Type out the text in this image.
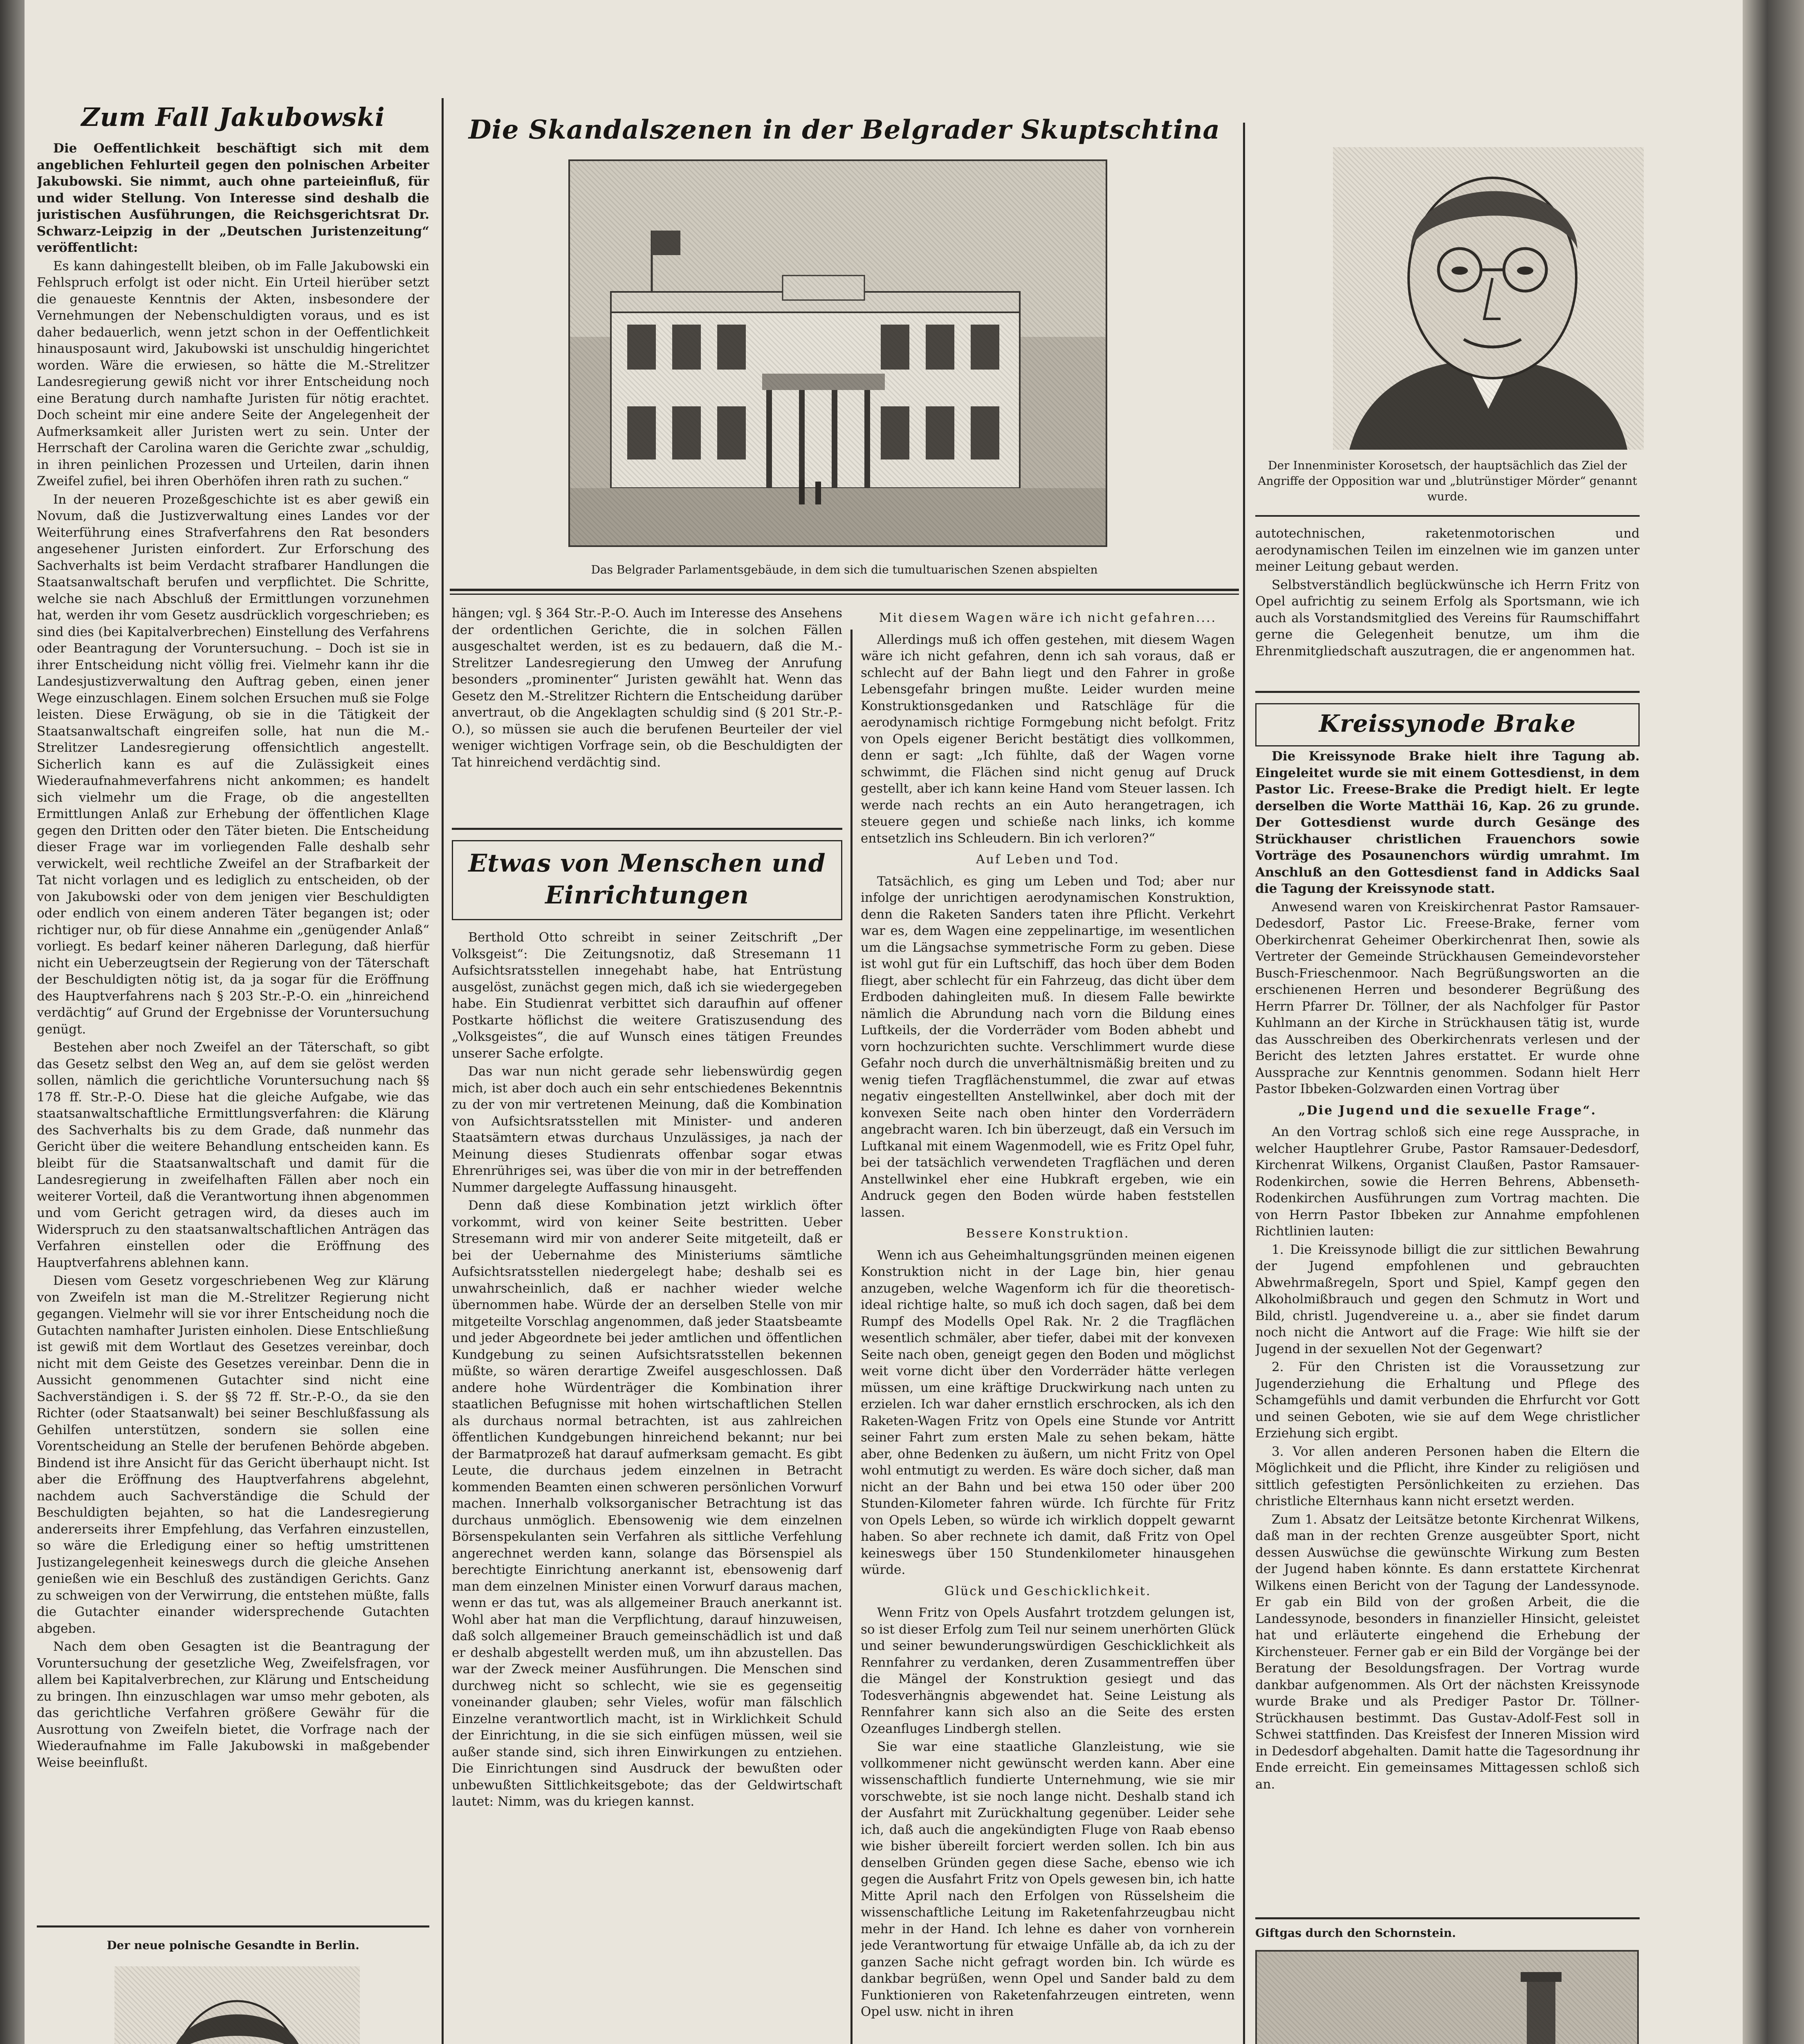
Zum Fall Jakubowski

Die Oeffentlichkeit beschäftigt sich mit dem angeblichen Fehlurteil gegen den polnischen Arbeiter Jakubowski. Sie nimmt, auch ohne parteieinfluß, für und wider Stellung. Von Interesse sind deshalb die juristischen Ausführungen, die Reichsgerichtsrat Dr. Schwarz-Leipzig in der „Deutschen Juristenzeitung“ veröffentlicht:

Es kann dahingestellt bleiben, ob im Falle Jakubowski ein Fehlspruch erfolgt ist oder nicht. Ein Urteil hierüber setzt die genaueste Kenntnis der Akten, insbesondere der Vernehmungen der Nebenschuldigten voraus, und es ist daher bedauerlich, wenn jetzt schon in der Oeffentlichkeit hinausposaunt wird, Jakubowski ist unschuldig hingerichtet worden. Wäre die erwiesen, so hätte die M.-Strelitzer Landesregierung gewiß nicht vor ihrer Entscheidung noch eine Beratung durch namhafte Juristen für nötig erachtet. Doch scheint mir eine andere Seite der Angelegenheit der Aufmerksamkeit aller Juristen wert zu sein. Unter der Herrschaft der Carolina waren die Gerichte zwar „schuldig, in ihren peinlichen Prozessen und Urteilen, darin ihnen Zweifel zufiel, bei ihren Oberhöfen ihren rath zu suchen.“

In der neueren Prozeßgeschichte ist es aber gewiß ein Novum, daß die Justizverwaltung eines Landes vor der Weiterführung eines Strafverfahrens den Rat besonders angesehener Juristen einfordert. Zur Erforschung des Sachverhalts ist beim Verdacht strafbarer Handlungen die Staatsanwaltschaft berufen und verpflichtet. Die Schritte, welche sie nach Abschluß der Ermittlungen vorzunehmen hat, werden ihr vom Gesetz ausdrücklich vorgeschrieben; es sind dies (bei Kapitalverbrechen) Einstellung des Verfahrens oder Beantragung der Voruntersuchung. – Doch ist sie in ihrer Entscheidung nicht völlig frei. Vielmehr kann ihr die Landesjustizverwaltung den Auftrag geben, einen jener Wege einzuschlagen. Einem solchen Ersuchen muß sie Folge leisten. Diese Erwägung, ob sie in die Tätigkeit der Staatsanwaltschaft eingreifen solle, hat nun die M.-Strelitzer Landesregierung offensichtlich angestellt. Sicherlich kann es auf die Zulässigkeit eines Wiederaufnahmeverfahrens nicht ankommen; es handelt sich vielmehr um die Frage, ob die angestellten Ermittlungen Anlaß zur Erhebung der öffentlichen Klage gegen den Dritten oder den Täter bieten. Die Entscheidung dieser Frage war im vorliegenden Falle deshalb sehr verwickelt, weil rechtliche Zweifel an der Strafbarkeit der Tat nicht vorlagen und es lediglich zu entscheiden, ob der von Jakubowski oder von dem jenigen vier Beschuldigten oder endlich von einem anderen Täter begangen ist; oder richtiger nur, ob für diese Annahme ein „genügender Anlaß“ vorliegt. Es bedarf keiner näheren Darlegung, daß hierfür nicht ein Ueberzeugtsein der Regierung von der Täterschaft der Beschuldigten nötig ist, da ja sogar für die Eröffnung des Hauptverfahrens nach § 203 Str.-P.-O. ein „hinreichend verdächtig“ auf Grund der Ergebnisse der Voruntersuchung genügt.

Bestehen aber noch Zweifel an der Täterschaft, so gibt das Gesetz selbst den Weg an, auf dem sie gelöst werden sollen, nämlich die gerichtliche Voruntersuchung nach §§ 178 ff. Str.-P.-O. Diese hat die gleiche Aufgabe, wie das staatsanwaltschaftliche Ermittlungsverfahren: die Klärung des Sachverhalts bis zu dem Grade, daß nunmehr das Gericht über die weitere Behandlung entscheiden kann. Es bleibt für die Staatsanwaltschaft und damit für die Landesregierung in zweifelhaften Fällen aber noch ein weiterer Vorteil, daß die Verantwortung ihnen abgenommen und vom Gericht getragen wird, da dieses auch im Widerspruch zu den staatsanwaltschaftlichen Anträgen das Verfahren einstellen oder die Eröffnung des Hauptverfahrens ablehnen kann.

Diesen vom Gesetz vorgeschriebenen Weg zur Klärung von Zweifeln ist man die M.-Strelitzer Regierung nicht gegangen. Vielmehr will sie vor ihrer Entscheidung noch die Gutachten namhafter Juristen einholen. Diese Entschließung ist gewiß mit dem Wortlaut des Gesetzes vereinbar, doch nicht mit dem Geiste des Gesetzes vereinbar. Denn die in Aussicht genommenen Gutachter sind nicht eine Sachverständigen i. S. der §§ 72 ff. Str.-P.-O., da sie den Richter (oder Staatsanwalt) bei seiner Beschlußfassung als Gehilfen unterstützen, sondern sie sollen eine Vorentscheidung an Stelle der berufenen Behörde abgeben. Bindend ist ihre Ansicht für das Gericht überhaupt nicht. Ist aber die Eröffnung des Hauptverfahrens abgelehnt, nachdem auch Sachverständige die Schuld der Beschuldigten bejahten, so hat die Landesregierung andererseits ihrer Empfehlung, das Verfahren einzustellen, so wäre die Erledigung einer so heftig umstrittenen Justizangelegenheit keineswegs durch die gleiche Ansehen genießen wie ein Beschluß des zuständigen Gerichts. Ganz zu schweigen von der Verwirrung, die entstehen müßte, falls die Gutachter einander widersprechende Gutachten abgeben.

Nach dem oben Gesagten ist die Beantragung der Voruntersuchung der gesetzliche Weg, Zweifelsfragen, vor allem bei Kapitalverbrechen, zur Klärung und Entscheidung zu bringen. Ihn einzuschlagen war umso mehr geboten, als das gerichtliche Verfahren größere Gewähr für die Ausrottung von Zweifeln bietet, die Vorfrage nach der Wiederaufnahme im Falle Jakubowski in maßgebender Weise beeinflußt.

Der neue polnische Gesandte in Berlin.
Die Skandalszenen in der Belgrader Skuptschtina
Das Belgrader Parlamentsgebäude, in dem sich die tumultuarischen Szenen abspielten

hängen; vgl. § 364 Str.-P.-O. Auch im Interesse des Ansehens der ordentlichen Gerichte, die in solchen Fällen ausgeschaltet werden, ist es zu bedauern, daß die M.-Strelitzer Landesregierung den Umweg der Anrufung besonders „prominenter“ Juristen gewählt hat. Wenn das Gesetz den M.-Strelitzer Richtern die Entscheidung darüber anvertraut, ob die Angeklagten schuldig sind (§ 201 Str.-P.-O.), so müssen sie auch die berufenen Beurteiler der viel weniger wichtigen Vorfrage sein, ob die Beschuldigten der Tat hinreichend verdächtig sind.

Etwas von Menschen und Einrichtungen

Berthold Otto schreibt in seiner Zeitschrift „Der Volksgeist“: Die Zeitungsnotiz, daß Stresemann 11 Aufsichtsratsstellen innegehabt habe, hat Entrüstung ausgelöst, zunächst gegen mich, daß ich sie wiedergegeben habe. Ein Studienrat verbittet sich daraufhin auf offener Postkarte höflichst die weitere Gratiszusendung des „Volksgeistes“, die auf Wunsch eines tätigen Freundes unserer Sache erfolgte.

Das war nun nicht gerade sehr liebenswürdig gegen mich, ist aber doch auch ein sehr entschiedenes Bekenntnis zu der von mir vertretenen Meinung, daß die Kombination von Aufsichtsratsstellen mit Minister- und anderen Staatsämtern etwas durchaus Unzulässiges, ja nach der Meinung dieses Studienrats offenbar sogar etwas Ehrenrühriges sei, was über die von mir in der betreffenden Nummer dargelegte Auffassung hinausgeht.

Denn daß diese Kombination jetzt wirklich öfter vorkommt, wird von keiner Seite bestritten. Ueber Stresemann wird mir von anderer Seite mitgeteilt, daß er bei der Uebernahme des Ministeriums sämtliche Aufsichtsratsstellen niedergelegt habe; deshalb sei es unwahrscheinlich, daß er nachher wieder welche übernommen habe. Würde der an derselben Stelle von mir mitgeteilte Vorschlag angenommen, daß jeder Staatsbeamte und jeder Abgeordnete bei jeder amtlichen und öffentlichen Kundgebung zu seinen Aufsichtsratsstellen bekennen müßte, so wären derartige Zweifel ausgeschlossen. Daß andere hohe Würdenträger die Kombination ihrer staatlichen Befugnisse mit hohen wirtschaftlichen Stellen als durchaus normal betrachten, ist aus zahlreichen öffentlichen Kundgebungen hinreichend bekannt; nur bei der Barmatprozeß hat darauf aufmerksam gemacht. Es gibt Leute, die durchaus jedem einzelnen in Betracht kommenden Beamten einen schweren persönlichen Vorwurf machen. Innerhalb volksorganischer Betrachtung ist das durchaus unmöglich. Ebensowenig wie dem einzelnen Börsenspekulanten sein Verfahren als sittliche Verfehlung angerechnet werden kann, solange das Börsenspiel als berechtigte Einrichtung anerkannt ist, ebensowenig darf man dem einzelnen Minister einen Vorwurf daraus machen, wenn er das tut, was als allgemeiner Brauch anerkannt ist. Wohl aber hat man die Verpflichtung, darauf hinzuweisen, daß solch allgemeiner Brauch gemeinschädlich ist und daß er deshalb abgestellt werden muß, um ihn abzustellen. Das war der Zweck meiner Ausführungen. Die Menschen sind durchweg nicht so schlecht, wie sie es gegenseitig voneinander glauben; sehr Vieles, wofür man fälschlich Einzelne verantwortlich macht, ist in Wirklichkeit Schuld der Einrichtung, in die sie sich einfügen müssen, weil sie außer stande sind, sich ihren Einwirkungen zu entziehen. Die Einrichtungen sind Ausdruck der bewußten oder unbewußten Sittlichkeitsgebote; das der Geldwirtschaft lautet: Nimm, was du kriegen kannst.

Mit diesem Wagen wäre ich nicht gefahren....

Allerdings muß ich offen gestehen, mit diesem Wagen wäre ich nicht gefahren, denn ich sah voraus, daß er schlecht auf der Bahn liegt und den Fahrer in große Lebensgefahr bringen mußte. Leider wurden meine Konstruktionsgedanken und Ratschläge für die aerodynamisch richtige Formgebung nicht befolgt. Fritz von Opels eigener Bericht bestätigt dies vollkommen, denn er sagt: „Ich fühlte, daß der Wagen vorne schwimmt, die Flächen sind nicht genug auf Druck gestellt, aber ich kann keine Hand vom Steuer lassen. Ich werde nach rechts an ein Auto herangetragen, ich steuere gegen und schieße nach links, ich komme entsetzlich ins Schleudern. Bin ich verloren?“

Auf Leben und Tod.

Tatsächlich, es ging um Leben und Tod; aber nur infolge der unrichtigen aerodynamischen Konstruktion, denn die Raketen Sanders taten ihre Pflicht. Verkehrt war es, dem Wagen eine zeppelinartige, im wesentlichen um die Längsachse symmetrische Form zu geben. Diese ist wohl gut für ein Luftschiff, das hoch über dem Boden fliegt, aber schlecht für ein Fahrzeug, das dicht über dem Erdboden dahingleiten muß. In diesem Falle bewirkte nämlich die Abrundung nach vorn die Bildung eines Luftkeils, der die Vorderräder vom Boden abhebt und vorn hochzurichten suchte. Verschlimmert wurde diese Gefahr noch durch die unverhältnismäßig breiten und zu wenig tiefen Tragflächenstummel, die zwar auf etwas negativ eingestellten Anstellwinkel, aber doch mit der konvexen Seite nach oben hinter den Vorderrädern angebracht waren. Ich bin überzeugt, daß ein Versuch im Luftkanal mit einem Wagenmodell, wie es Fritz Opel fuhr, bei der tatsächlich verwendeten Tragflächen und deren Anstellwinkel eher eine Hubkraft ergeben, wie ein Andruck gegen den Boden würde haben feststellen lassen.

Bessere Konstruktion.

Wenn ich aus Geheimhaltungsgründen meinen eigenen Konstruktion nicht in der Lage bin, hier genau anzugeben, welche Wagenform ich für die theoretisch-ideal richtige halte, so muß ich doch sagen, daß bei dem Rumpf des Modells Opel Rak. Nr. 2 die Tragflächen wesentlich schmäler, aber tiefer, dabei mit der konvexen Seite nach oben, geneigt gegen den Boden und möglichst weit vorne dicht über den Vorderräder hätte verlegen müssen, um eine kräftige Druckwirkung nach unten zu erzielen. Ich war daher ernstlich erschrocken, als ich den Raketen-Wagen Fritz von Opels eine Stunde vor Antritt seiner Fahrt zum ersten Male zu sehen bekam, hätte aber, ohne Bedenken zu äußern, um nicht Fritz von Opel wohl entmutigt zu werden. Es wäre doch sicher, daß man nicht an der Bahn und bei etwa 150 oder über 200 Stunden-Kilometer fahren würde. Ich fürchte für Fritz von Opels Leben, so würde ich wirklich doppelt gewarnt haben. So aber rechnete ich damit, daß Fritz von Opel keineswegs über 150 Stundenkilometer hinausgehen würde.

Glück und Geschicklichkeit.

Wenn Fritz von Opels Ausfahrt trotzdem gelungen ist, so ist dieser Erfolg zum Teil nur seinem unerhörten Glück und seiner bewunderungswürdigen Geschicklichkeit als Rennfahrer zu verdanken, deren Zusammentreffen über die Mängel der Konstruktion gesiegt und das Todesverhängnis abgewendet hat. Seine Leistung als Rennfahrer kann sich also an die Seite des ersten Ozeanfluges Lindbergh stellen.

Sie war eine staatliche Glanzleistung, wie sie vollkommener nicht gewünscht werden kann. Aber eine wissenschaftlich fundierte Unternehmung, wie sie mir vorschwebte, ist sie noch lange nicht. Deshalb stand ich der Ausfahrt mit Zurückhaltung gegenüber. Leider sehe ich, daß auch die angekündigten Fluge von Raab ebenso wie bisher übereilt forciert werden sollen. Ich bin aus denselben Gründen gegen diese Sache, ebenso wie ich gegen die Ausfahrt Fritz von Opels gewesen bin, ich hatte Mitte April nach den Erfolgen von Rüsselsheim die wissenschaftliche Leitung im Raketenfahrzeugbau nicht mehr in der Hand. Ich lehne es daher von vornherein jede Verantwortung für etwaige Unfälle ab, da ich zu der ganzen Sache nicht gefragt worden bin. Ich würde es dankbar begrüßen, wenn Opel und Sander bald zu dem Funktionieren von Raketenfahrzeugen eintreten, wenn Opel usw. nicht in ihren

Der Innenminister Korosetsch, der hauptsächlich das Ziel der Angriffe der Opposition war und „blutrünstiger Mörder“ genannt wurde.

autotechnischen, raketenmotorischen und aerodynamischen Teilen im einzelnen wie im ganzen unter meiner Leitung gebaut werden.

Selbstverständlich beglückwünsche ich Herrn Fritz von Opel aufrichtig zu seinem Erfolg als Sportsmann, wie ich auch als Vorstandsmitglied des Vereins für Raumschiffahrt gerne die Gelegenheit benutze, um ihm die Ehrenmitgliedschaft auszutragen, die er angenommen hat.

Kreissynode Brake

Die Kreissynode Brake hielt ihre Tagung ab. Eingeleitet wurde sie mit einem Gottesdienst, in dem Pastor Lic. Freese-Brake die Predigt hielt. Er legte derselben die Worte Matthäi 16, Kap. 26 zu grunde. Der Gottesdienst wurde durch Gesänge des Strückhauser christlichen Frauenchors sowie Vorträge des Posaunenchors würdig umrahmt. Im Anschluß an den Gottesdienst fand in Addicks Saal die Tagung der Kreissynode statt.

Anwesend waren von Kreiskirchenrat Pastor Ramsauer-Dedesdorf, Pastor Lic. Freese-Brake, ferner vom Oberkirchenrat Geheimer Oberkirchenrat Ihen, sowie als Vertreter der Gemeinde Strückhausen Gemeindevorsteher Busch-Frieschenmoor. Nach Begrüßungsworten an die erschienenen Herren und besonderer Begrüßung des Herrn Pfarrer Dr. Töllner, der als Nachfolger für Pastor Kuhlmann an der Kirche in Strückhausen tätig ist, wurde das Ausschreiben des Oberkirchenrats verlesen und der Bericht des letzten Jahres erstattet. Er wurde ohne Aussprache zur Kenntnis genommen. Sodann hielt Herr Pastor Ibbeken-Golzwarden einen Vortrag über

„Die Jugend und die sexuelle Frage“.

An den Vortrag schloß sich eine rege Aussprache, in welcher Hauptlehrer Grube, Pastor Ramsauer-Dedesdorf, Kirchenrat Wilkens, Organist Claußen, Pastor Ramsauer-Rodenkirchen, sowie die Herren Behrens, Abbenseth-Rodenkirchen Ausführungen zum Vortrag machten. Die von Herrn Pastor Ibbeken zur Annahme empfohlenen Richtlinien lauten:

1. Die Kreissynode billigt die zur sittlichen Bewahrung der Jugend empfohlenen und gebrauchten Abwehrmaßregeln, Sport und Spiel, Kampf gegen den Alkoholmißbrauch und gegen den Schmutz in Wort und Bild, christl. Jugendvereine u. a., aber sie findet darum noch nicht die Antwort auf die Frage: Wie hilft sie der Jugend in der sexuellen Not der Gegenwart?

2. Für den Christen ist die Voraussetzung zur Jugenderziehung die Erhaltung und Pflege des Schamgefühls und damit verbunden die Ehrfurcht vor Gott und seinen Geboten, wie sie auf dem Wege christlicher Erziehung sich ergibt.

3. Vor allen anderen Personen haben die Eltern die Möglichkeit und die Pflicht, ihre Kinder zu religiösen und sittlich gefestigten Persönlichkeiten zu erziehen. Das christliche Elternhaus kann nicht ersetzt werden.

Zum 1. Absatz der Leitsätze betonte Kirchenrat Wilkens, daß man in der rechten Grenze ausgeübter Sport, nicht dessen Auswüchse die gewünschte Wirkung zum Besten der Jugend haben könnte. Es dann erstattete Kirchenrat Wilkens einen Bericht von der Tagung der Landessynode. Er gab ein Bild von der großen Arbeit, die die Landessynode, besonders in finanzieller Hinsicht, geleistet hat und erläuterte eingehend die Erhebung der Kirchensteuer. Ferner gab er ein Bild der Vorgänge bei der Beratung der Besoldungsfragen. Der Vortrag wurde dankbar aufgenommen. Als Ort der nächsten Kreissynode wurde Brake und als Prediger Pastor Dr. Töllner-Strückhausen bestimmt. Das Gustav-Adolf-Fest soll in Schwei stattfinden. Das Kreisfest der Inneren Mission wird in Dedesdorf abgehalten. Damit hatte die Tagesordnung ihr Ende erreicht. Ein gemeinsames Mittagessen schloß sich an.

Giftgas durch den Schornstein.
